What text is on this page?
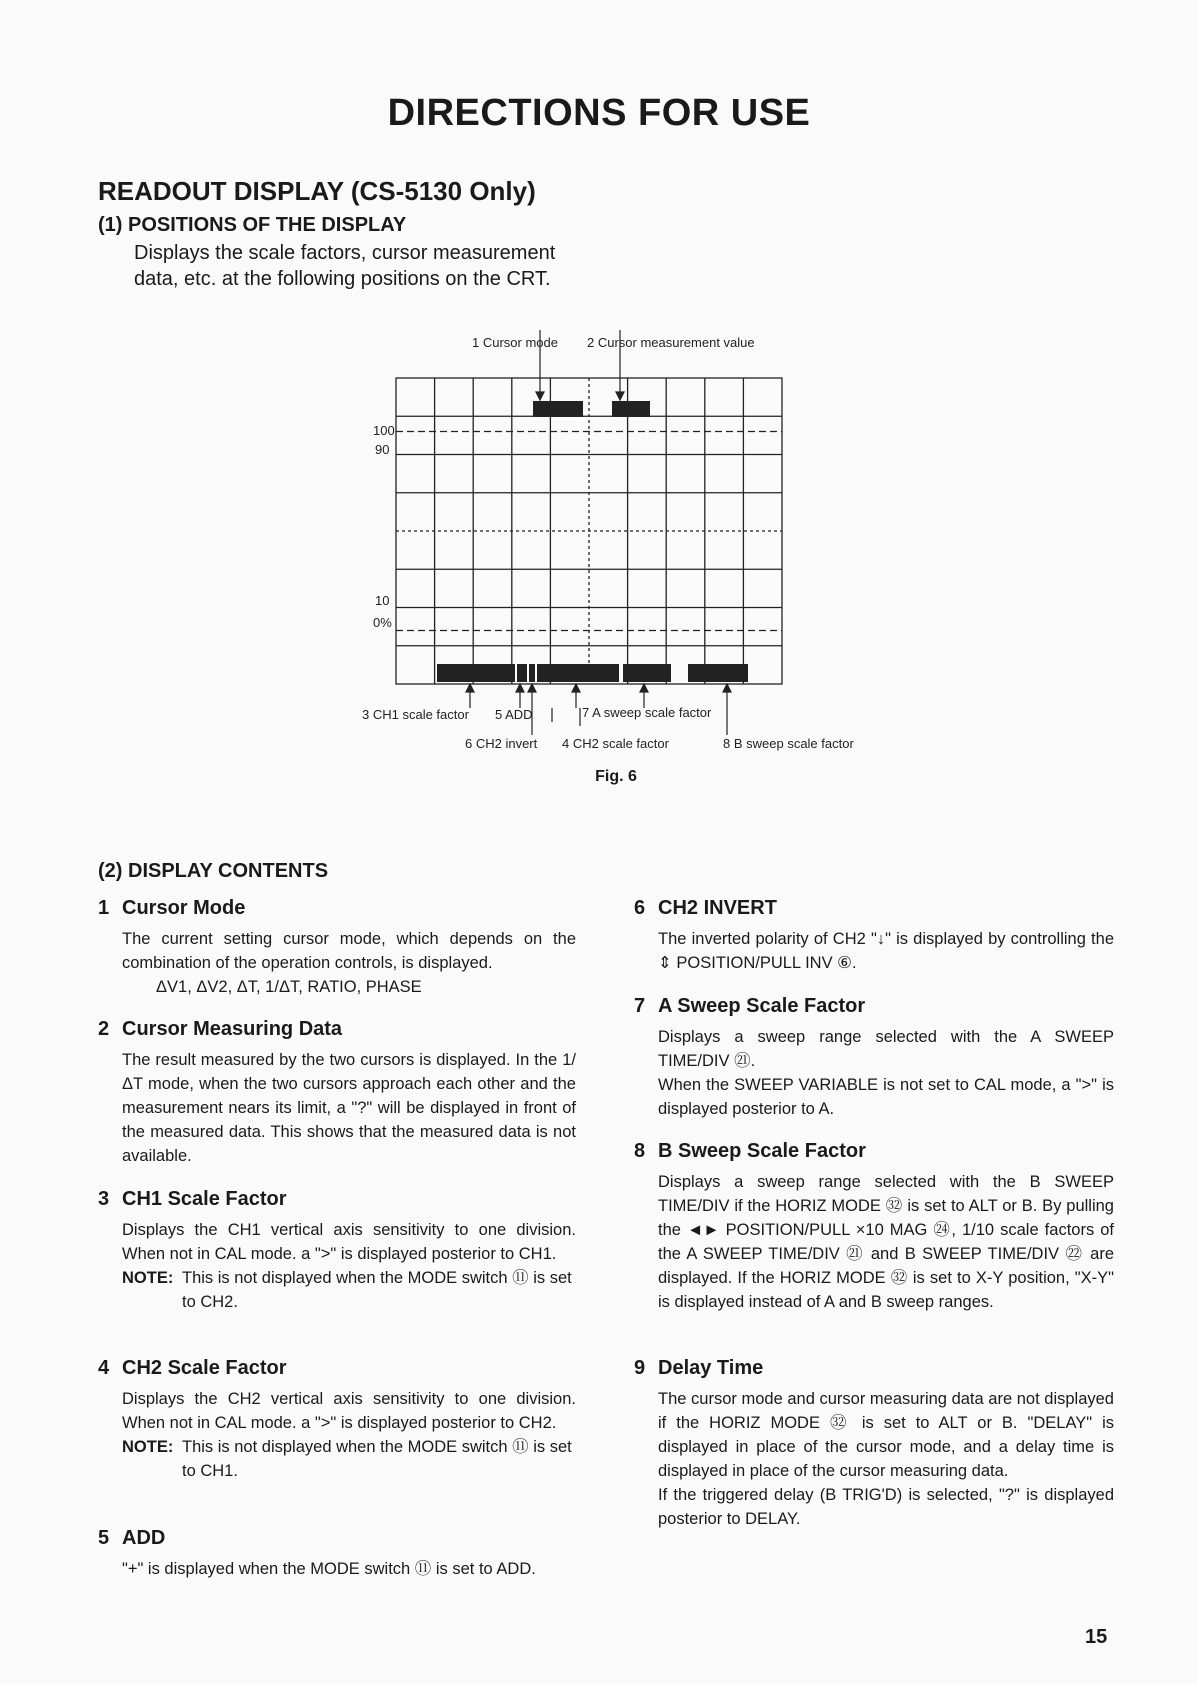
DIRECTIONS FOR USE
READOUT DISPLAY (CS-5130 Only)
(1) POSITIONS OF THE DISPLAY
Displays the scale factors, cursor measurement data, etc. at the following positions on the CRT.
1 Cursor mode 2 Cursor measurement value
3 CH1 scale factor 5 ADD	7 A sweep scale factor
6 CH2 invert 4 CH2 scale factor	8 B sweep scale factor
100
90
10
0%
Fig. 6
(2) DISPLAY CONTENTS
1 Cursor Mode
The current setting cursor mode, which depends on the combination of the operation controls, is displayed.
ΔV1, ΔV2, ΔT, 1/ΔT, RATIO, PHASE
2 Cursor Measuring Data
The result measured by the two cursors is displayed. In the 1/ΔT mode, when the two cursors approach each other and the measurement nears its limit, a "?" will be displayed in front of the measured data. This shows that the measured data is not available.
3 CH1 Scale Factor
Displays the CH1 vertical axis sensitivity to one division. When not in CAL mode. a ">" is displayed posterior to CH1.
NOTE: This is not displayed when the MODE switch ⑪ is set to CH2.
4 CH2 Scale Factor
Displays the CH2 vertical axis sensitivity to one division. When not in CAL mode. a ">" is displayed posterior to CH2.
NOTE: This is not displayed when the MODE switch ⑪ is set to CH1.
5 ADD
"+" is displayed when the MODE switch ⑪ is set to ADD.
6 CH2 INVERT
The inverted polarity of CH2 "↓" is displayed by controlling the ⇕ POSITION/PULL INV ⑥.
7 A Sweep Scale Factor
Displays a sweep range selected with the A SWEEP TIME/DIV ㉑.
When the SWEEP VARIABLE is not set to CAL mode, a ">" is displayed posterior to A.
8 B Sweep Scale Factor
Displays a sweep range selected with the B SWEEP TIME/DIV if the HORIZ MODE ㉜ is set to ALT or B. By pulling the ◄► POSITION/PULL ×10 MAG ㉔, 1/10 scale factors of the A SWEEP TIME/DIV ㉑ and B SWEEP TIME/DIV ㉒ are displayed. If the HORIZ MODE ㉜ is set to X-Y position, "X-Y" is displayed instead of A and B sweep ranges.
9 Delay Time
The cursor mode and cursor measuring data are not displayed if the HORIZ MODE ㉜ is set to ALT or B. "DELAY" is displayed in place of the cursor mode, and a delay time is displayed in place of the cursor measuring data.
If the triggered delay (B TRIG'D) is selected, "?" is displayed posterior to DELAY.
15
